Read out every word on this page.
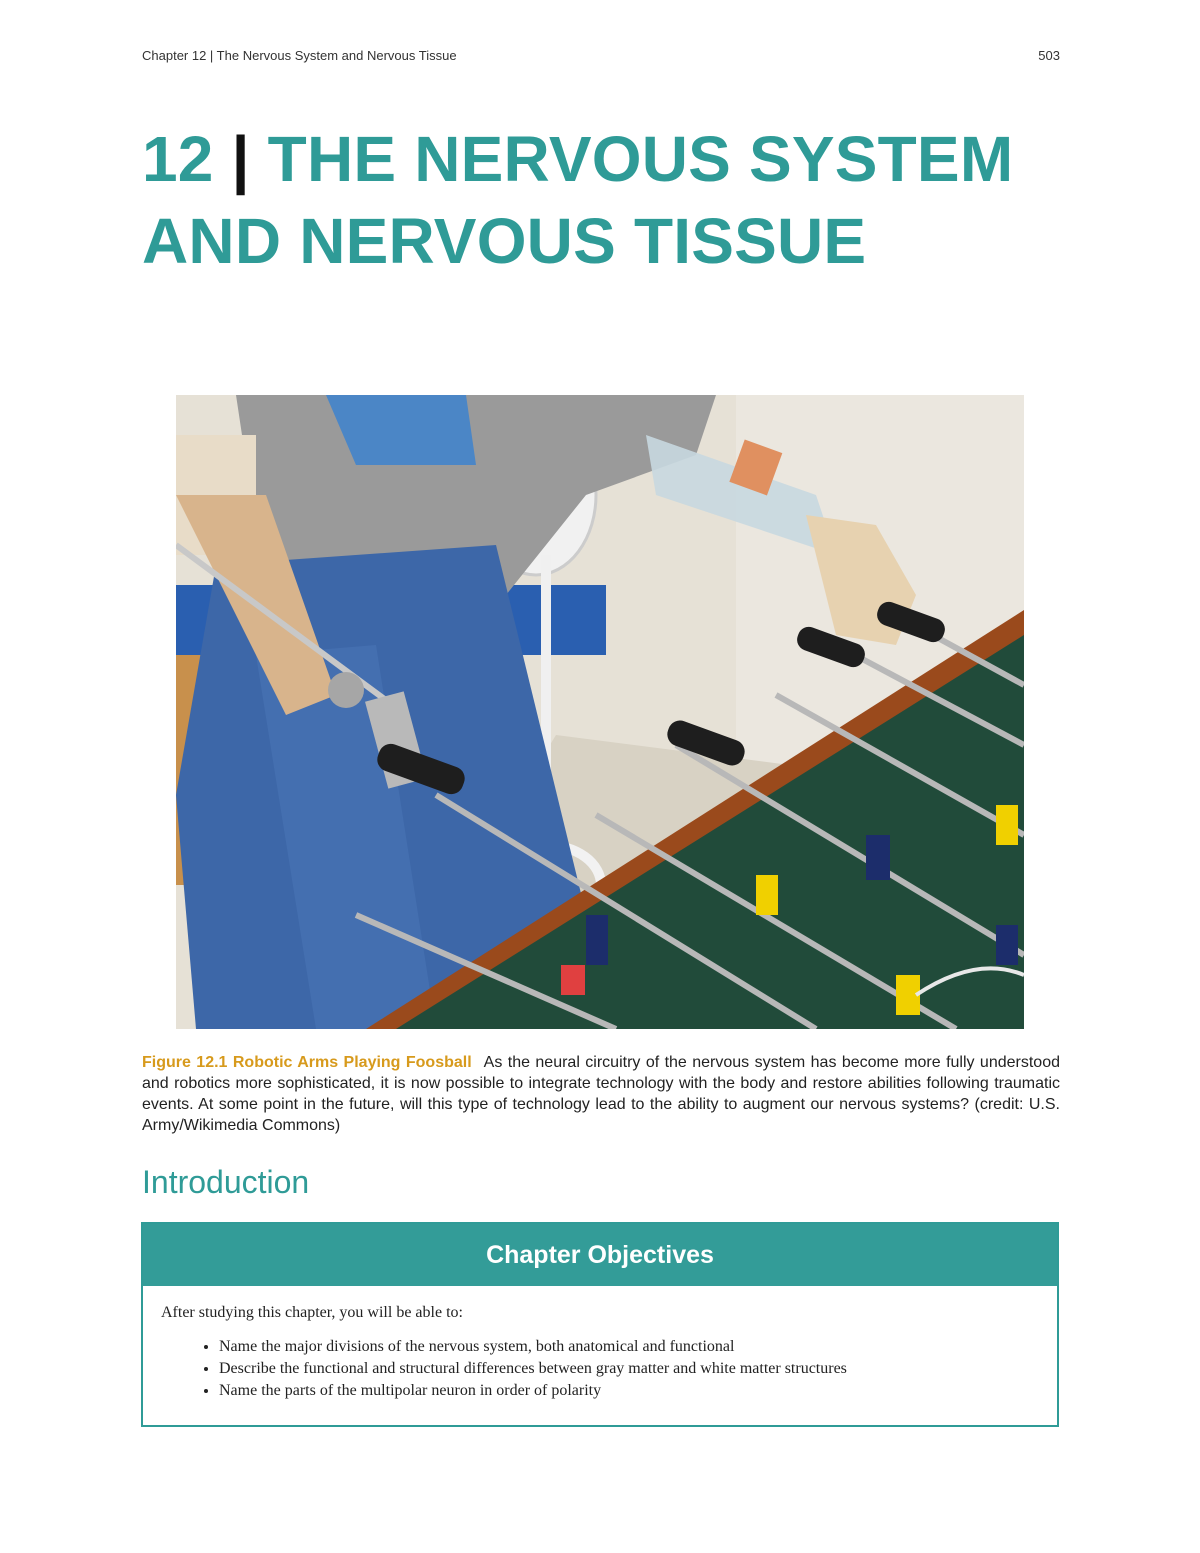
Chapter 12 | The Nervous System and Nervous Tissue	503
12 | THE NERVOUS SYSTEM AND NERVOUS TISSUE

Figure 12.1 Robotic Arms Playing Foosball As the neural circuitry of the nervous system has become more fully understood and robotics more sophisticated, it is now possible to integrate technology with the body and restore abilities following traumatic events. At some point in the future, will this type of technology lead to the ability to augment our nervous systems? (credit: U.S. Army/Wikimedia Commons)

Introduction
Chapter Objectives

After studying this chapter, you will be able to:

• Name the major divisions of the nervous system, both anatomical and functional
• Describe the functional and structural differences between gray matter and white matter structures
• Name the parts of the multipolar neuron in order of polarity
